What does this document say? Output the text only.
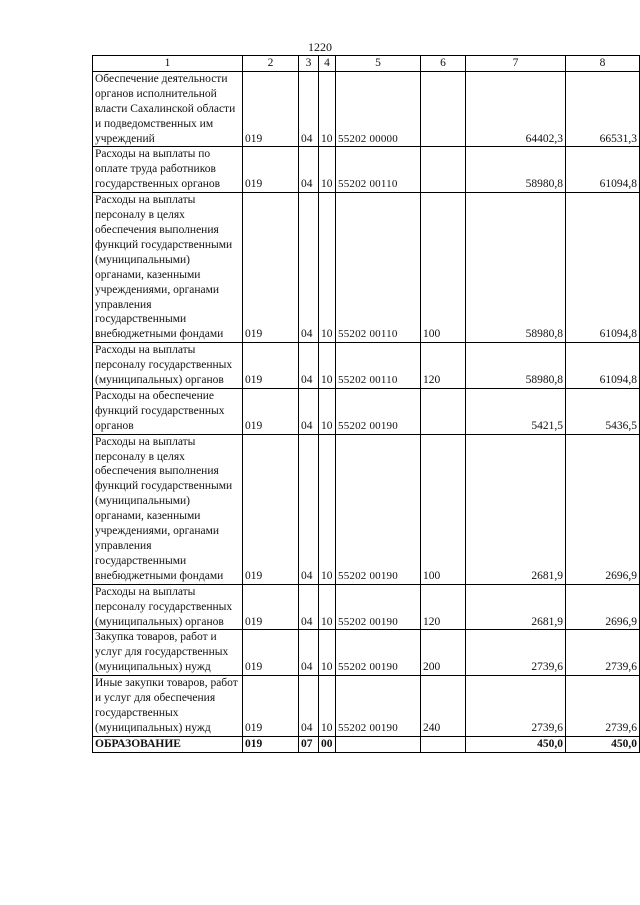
1220
1	2	3	4	5	6	7	8
Обеспечение деятельности органов исполнительной власти Сахалинской области и подведомственных им учреждений	019	04	10	55202 00000		64402,3	66531,3
Расходы на выплаты по оплате труда работников государственных органов	019	04	10	55202 00110		58980,8	61094,8
Расходы на выплаты персоналу в целях обеспечения выполнения функций государственными (муниципальными) органами, казенными учреждениями, органами управления государственными внебюджетными фондами	019	04	10	55202 00110	100	58980,8	61094,8
Расходы на выплаты персоналу государственных (муниципальных) органов	019	04	10	55202 00110	120	58980,8	61094,8
Расходы на обеспечение функций государственных органов	019	04	10	55202 00190		5421,5	5436,5
Расходы на выплаты персоналу в целях обеспечения выполнения функций государственными (муниципальными) органами, казенными учреждениями, органами управления государственными внебюджетными фондами	019	04	10	55202 00190	100	2681,9	2696,9
Расходы на выплаты персоналу государственных (муниципальных) органов	019	04	10	55202 00190	120	2681,9	2696,9
Закупка товаров, работ и услуг для государственных (муниципальных) нужд	019	04	10	55202 00190	200	2739,6	2739,6
Иные закупки товаров, работ и услуг для обеспечения государственных (муниципальных) нужд	019	04	10	55202 00190	240	2739,6	2739,6
ОБРАЗОВАНИЕ	019	07	00			450,0	450,0
